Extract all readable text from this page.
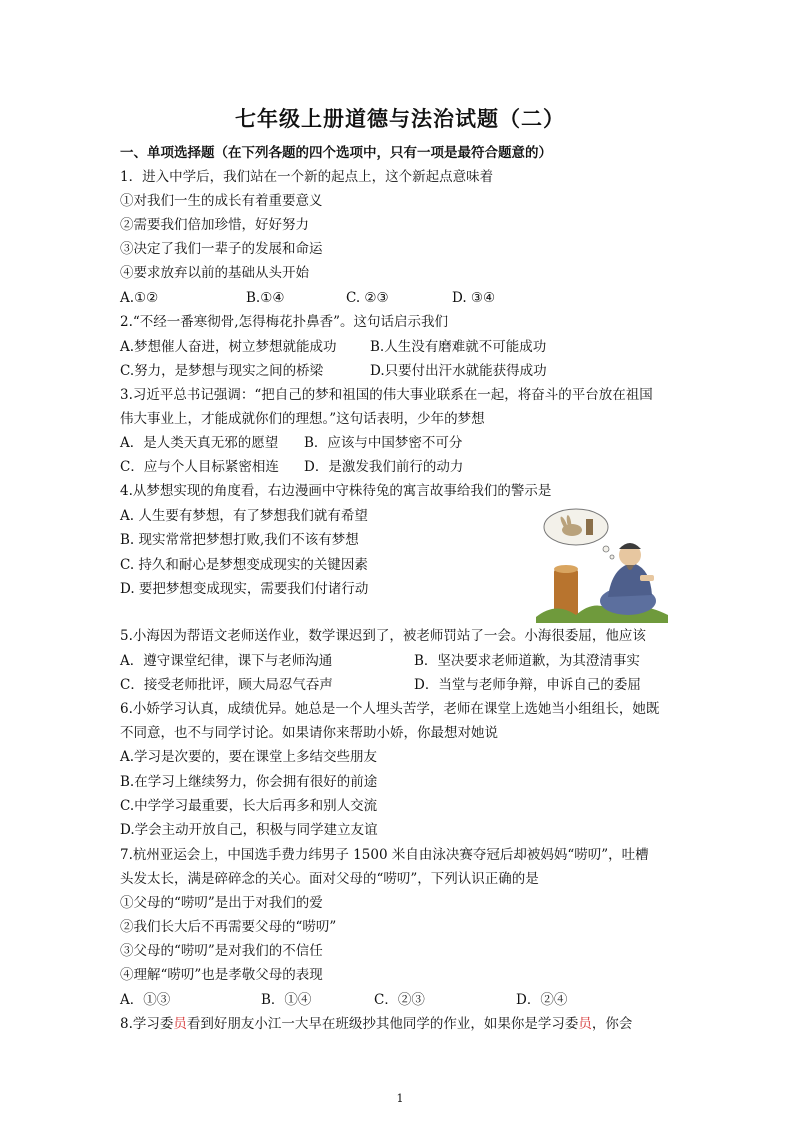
七年级上册道德与法治试题（二）
一、单项选择题（在下列各题的四个选项中，只有一项是最符合题意的）
1．进入中学后，我们站在一个新的起点上，这个新起点意味着
①对我们一生的成长有着重要意义
②需要我们倍加珍惜，好好努力
③决定了我们一辈子的发展和命运
④要求放弃以前的基础从头开始
A.①②	B.①④	C. ②③	D. ③④
2.“不经一番寒彻骨,怎得梅花扑鼻香”。这句话启示我们
A.梦想催人奋进，树立梦想就能成功 B.人生没有磨难就不可能成功
C.努力，是梦想与现实之间的桥梁	D.只要付出汗水就能获得成功
3.习近平总书记强调：“把自己的梦和祖国的伟大事业联系在一起，将奋斗的平台放在祖国
伟大事业上，才能成就你们的理想。”这句话表明，少年的梦想
A．是人类天真无邪的愿望 B．应该与中国梦密不可分
C．应与个人目标紧密相连 D．是激发我们前行的动力
4.从梦想实现的角度看，右边漫画中守株待兔的寓言故事给我们的警示是
A. 人生要有梦想，有了梦想我们就有希望
B. 现实常常把梦想打败,我们不该有梦想
C. 持久和耐心是梦想变成现实的关键因素
D. 要把梦想变成现实，需要我们付诸行动
5.小海因为帮语文老师送作业，数学课迟到了，被老师罚站了一会。小海很委屈，他应该
A．遵守课堂纪律，课下与老师沟通	B．坚决要求老师道歉，为其澄清事实
C．接受老师批评，顾大局忍气吞声	D．当堂与老师争辩，申诉自己的委屈
6.小娇学习认真，成绩优异。她总是一个人埋头苦学，老师在课堂上选她当小组组长，她既
不同意，也不与同学讨论。如果请你来帮助小娇，你最想对她说
A.学习是次要的，要在课堂上多结交些朋友
B.在学习上继续努力，你会拥有很好的前途
C.中学学习最重要，长大后再多和别人交流
D.学会主动开放自己，积极与同学建立友谊
7.杭州亚运会上，中国选手费力纬男子 1500 米自由泳决赛夺冠后却被妈妈“唠叨”，吐槽
头发太长，满是碎碎念的关心。面对父母的“唠叨”，下列认识正确的是
①父母的“唠叨”是出于对我们的爱
②我们长大后不再需要父母的“唠叨”
③父母的“唠叨”是对我们的不信任
④理解“唠叨”也是孝敬父母的表现
A．①③	B．①④	C．②③	D．②④
8.学习委员看到好朋友小江一大早在班级抄其他同学的作业，如果你是学习委员，你会
1
